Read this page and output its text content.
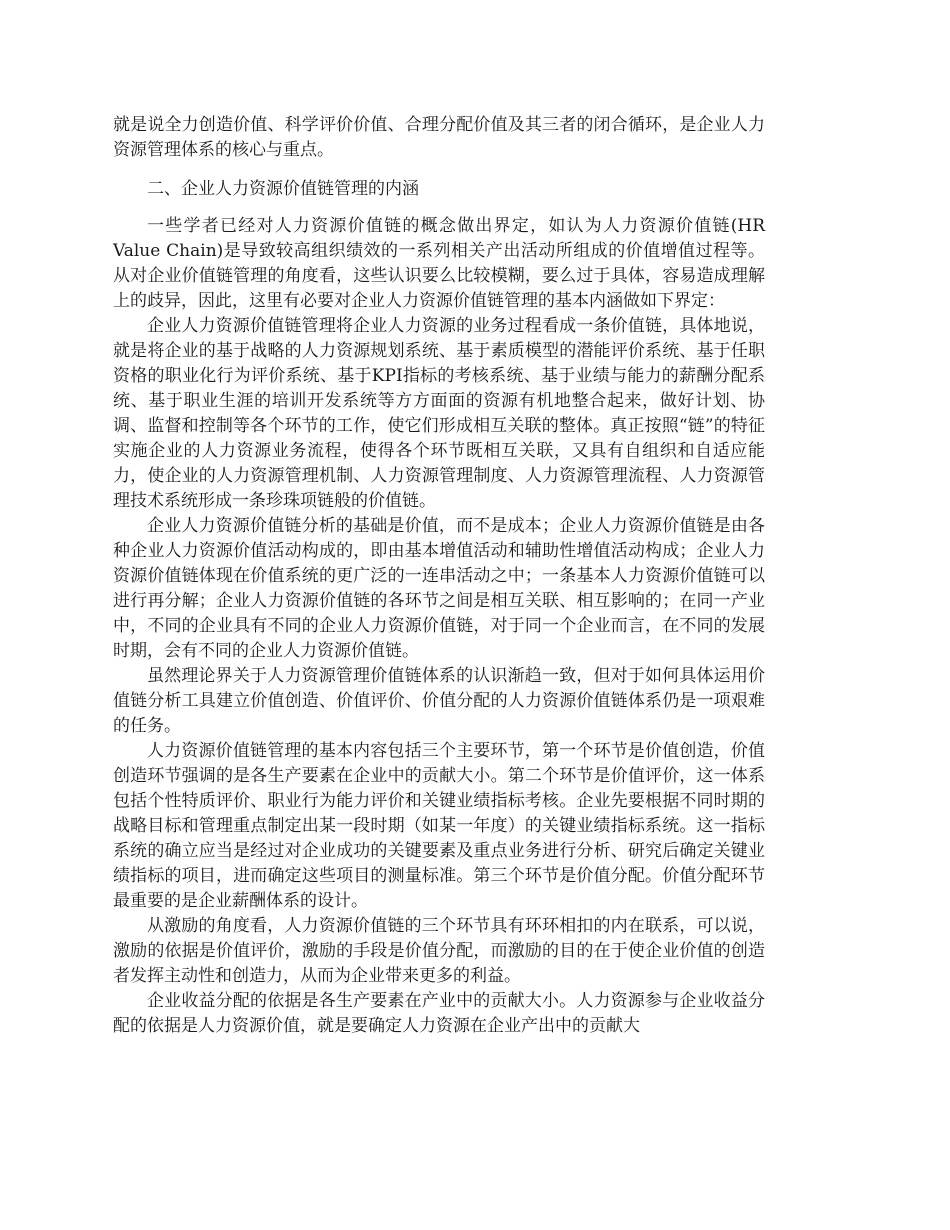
就是说全力创造价值、科学评价价值、合理分配价值及其三者的闭合循环，是企业人力资源管理体系的核心与重点。

二、企业人力资源价值链管理的内涵

一些学者已经对人力资源价值链的概念做出界定，如认为人力资源价值链(HR Value Chain)是导致较高组织绩效的一系列相关产出活动所组成的价值增值过程等。从对企业价值链管理的角度看，这些认识要么比较模糊，要么过于具体，容易造成理解上的歧异，因此，这里有必要对企业人力资源价值链管理的基本内涵做如下界定：

企业人力资源价值链管理将企业人力资源的业务过程看成一条价值链，具体地说，就是将企业的基于战略的人力资源规划系统、基于素质模型的潜能评价系统、基于任职资格的职业化行为评价系统、基于KPI指标的考核系统、基于业绩与能力的薪酬分配系统、基于职业生涯的培训开发系统等方方面面的资源有机地整合起来，做好计划、协调、监督和控制等各个环节的工作，使它们形成相互关联的整体。真正按照“链”的特征实施企业的人力资源业务流程，使得各个环节既相互关联，又具有自组织和自适应能力，使企业的人力资源管理机制、人力资源管理制度、人力资源管理流程、人力资源管理技术系统形成一条珍珠项链般的价值链。

企业人力资源价值链分析的基础是价值，而不是成本；企业人力资源价值链是由各种企业人力资源价值活动构成的，即由基本增值活动和辅助性增值活动构成；企业人力资源价值链体现在价值系统的更广泛的一连串活动之中；一条基本人力资源价值链可以进行再分解；企业人力资源价值链的各环节之间是相互关联、相互影响的；在同一产业中，不同的企业具有不同的企业人力资源价值链，对于同一个企业而言，在不同的发展时期，会有不同的企业人力资源价值链。

虽然理论界关于人力资源管理价值链体系的认识渐趋一致，但对于如何具体运用价值链分析工具建立价值创造、价值评价、价值分配的人力资源价值链体系仍是一项艰难的任务。

人力资源价值链管理的基本内容包括三个主要环节，第一个环节是价值创造，价值创造环节强调的是各生产要素在企业中的贡献大小。第二个环节是价值评价，这一体系包括个性特质评价、职业行为能力评价和关键业绩指标考核。企业先要根据不同时期的战略目标和管理重点制定出某一段时期（如某一年度）的关键业绩指标系统。这一指标系统的确立应当是经过对企业成功的关键要素及重点业务进行分析、研究后确定关键业绩指标的项目，进而确定这些项目的测量标准。第三个环节是价值分配。价值分配环节最重要的是企业薪酬体系的设计。

从激励的角度看，人力资源价值链的三个环节具有环环相扣的内在联系，可以说，激励的依据是价值评价，激励的手段是价值分配，而激励的目的在于使企业价值的创造者发挥主动性和创造力，从而为企业带来更多的利益。

企业收益分配的依据是各生产要素在产业中的贡献大小。人力资源参与企业收益分配的依据是人力资源价值，就是要确定人力资源在企业产出中的贡献大
